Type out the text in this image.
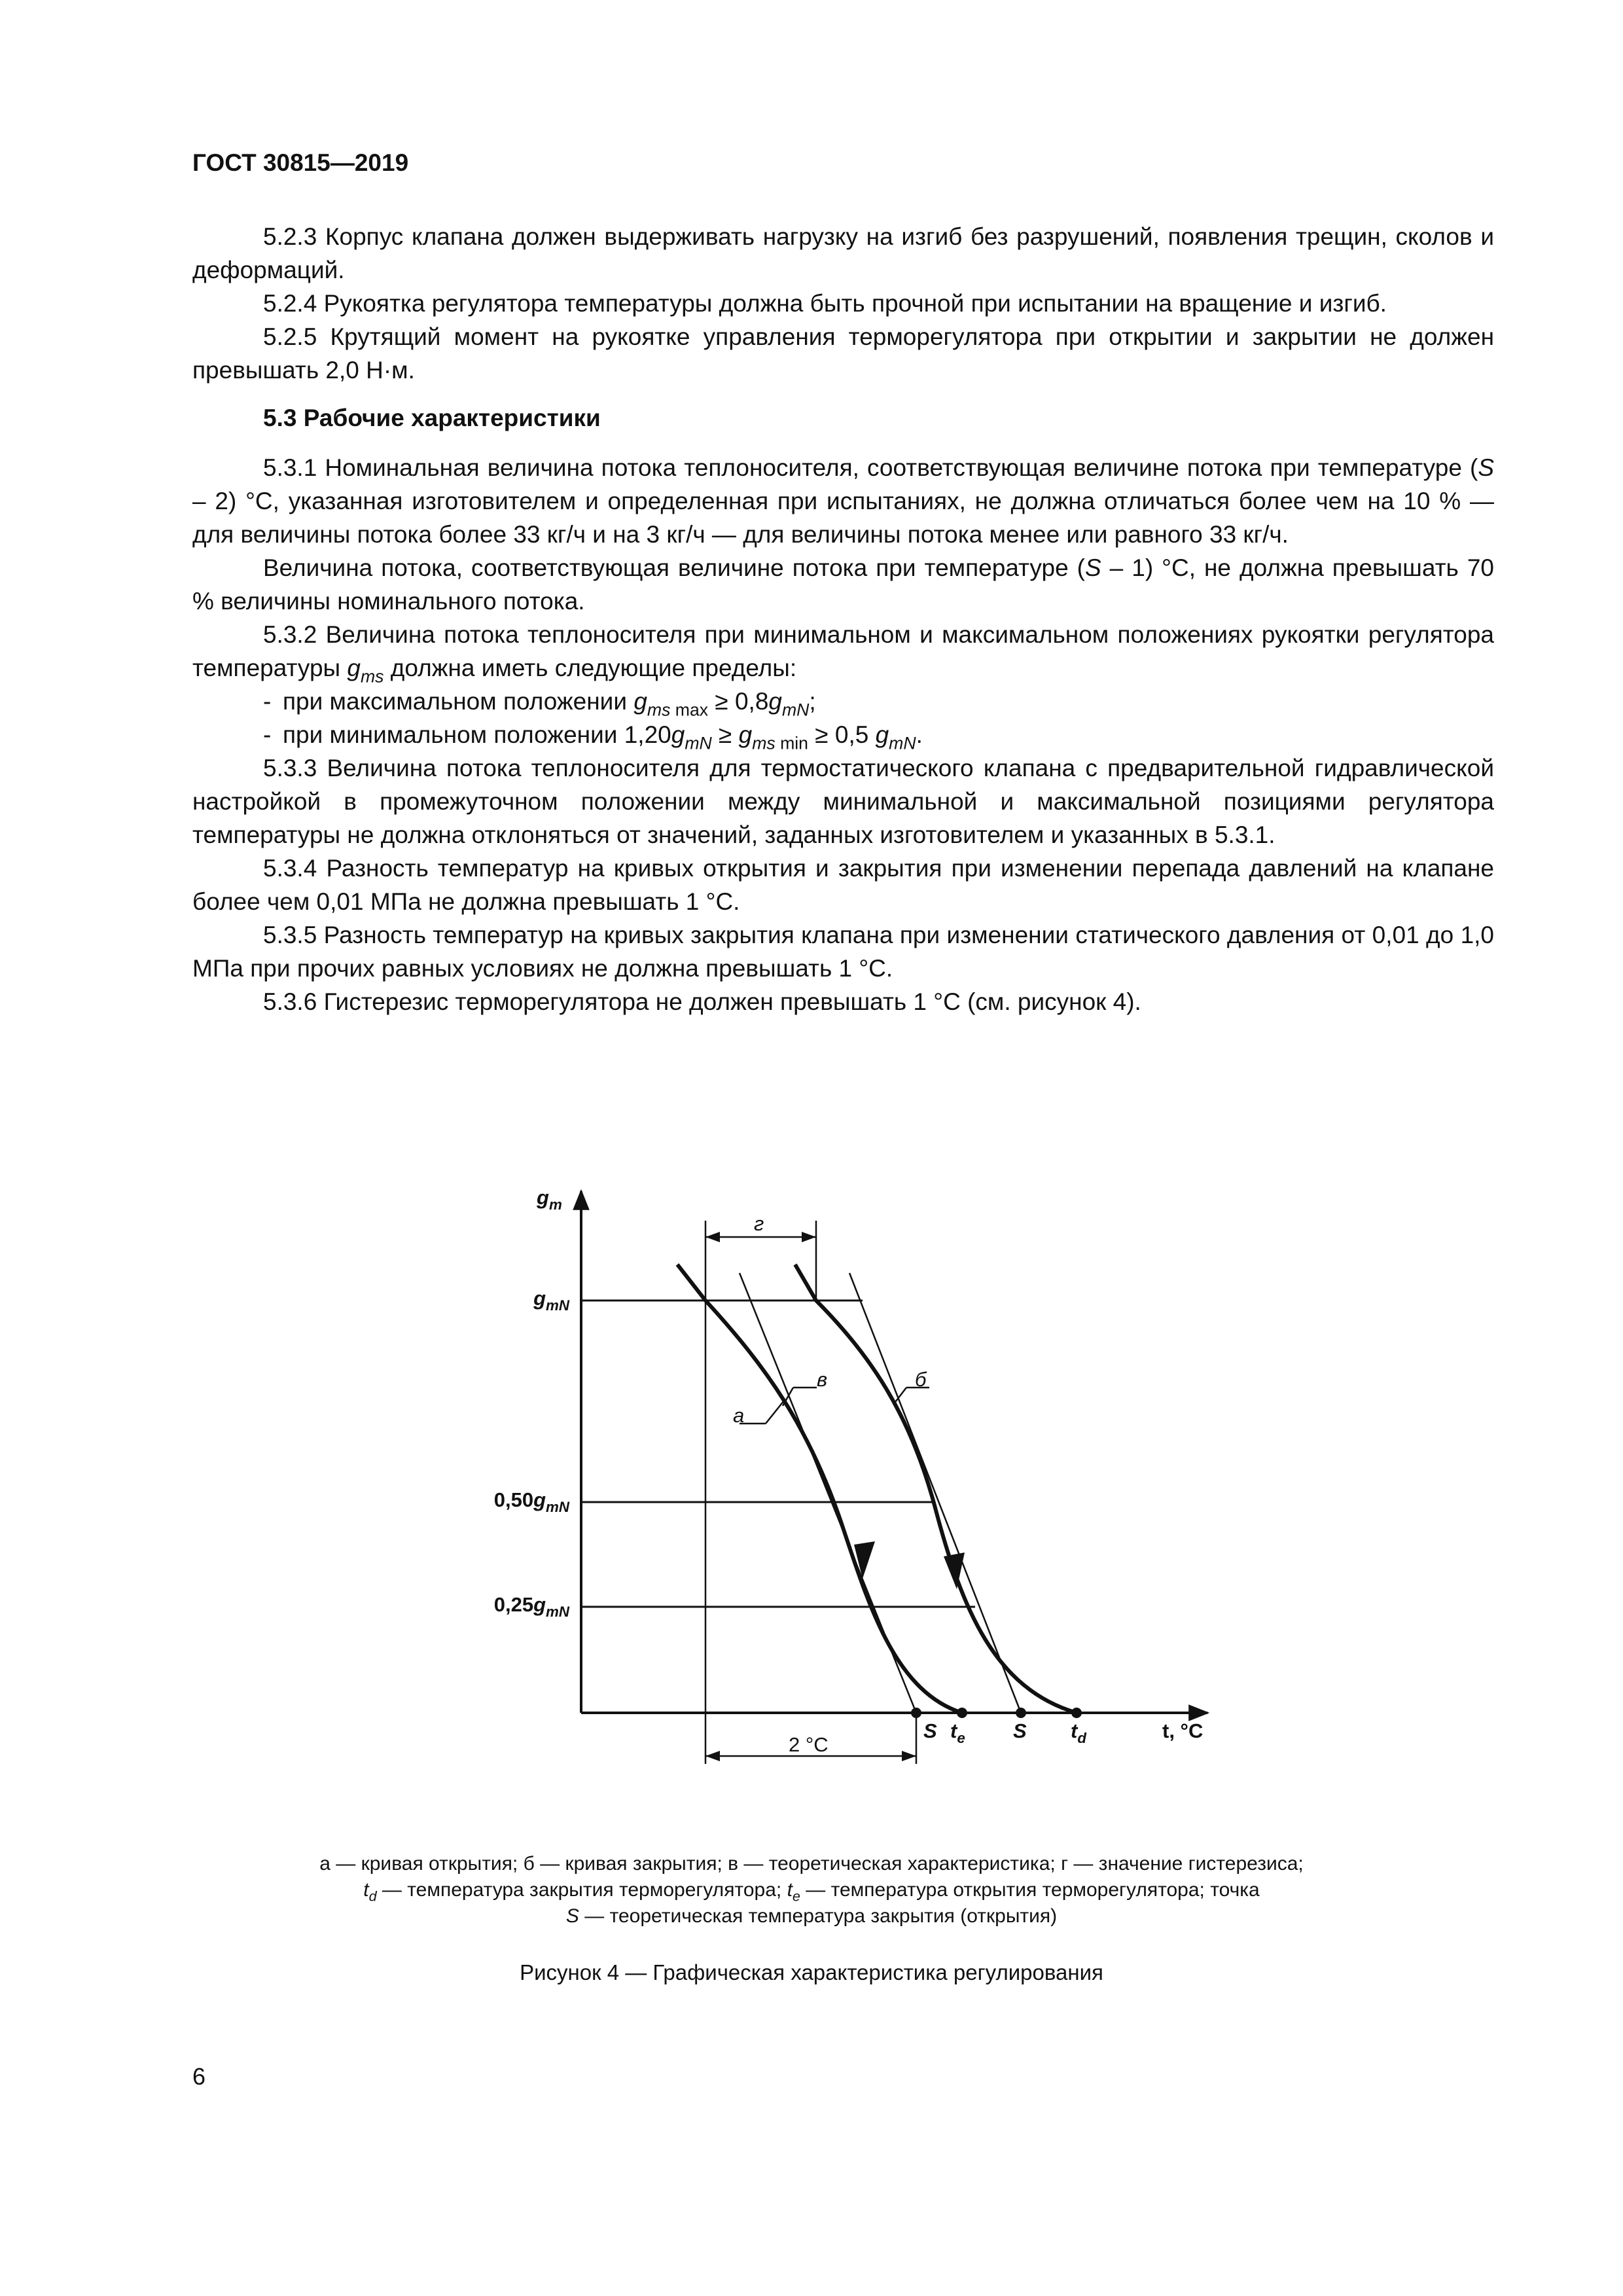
ГОСТ 30815—2019

5.2.3 Корпус клапана должен выдерживать нагрузку на изгиб без разрушений, появления трещин, сколов и деформаций.

5.2.4 Рукоятка регулятора температуры должна быть прочной при испытании на вращение и изгиб.

5.2.5 Крутящий момент на рукоятке управления терморегулятора при открытии и закрытии не должен превышать 2,0 Н·м.

5.3 Рабочие характеристики

5.3.1 Номинальная величина потока теплоносителя, соответствующая величине потока при температуре (S – 2) °С, указанная изготовителем и определенная при испытаниях, не должна отличаться более чем на 10 % — для величины потока более 33 кг/ч и на 3 кг/ч — для величины потока менее или равного 33 кг/ч.

Величина потока, соответствующая величине потока при температуре (S – 1) °С, не должна превышать 70 % величины номинального потока.

5.3.2 Величина потока теплоносителя при минимальном и максимальном положениях рукоятки регулятора температуры $g_{ms}$ должна иметь следующие пределы:

- при максимальном положении $g_{ms max} \ge 0,8g_{mN}$;

- при минимальном положении $1,20g_{mN} \ge g_{ms min} \ge 0,5$ $g_{mN}$.

5.3.3 Величина потока теплоносителя для термостатического клапана с предварительной гидравлической настройкой в промежуточном положении между минимальной и максимальной позициями регулятора температуры не должна отклоняться от значений, заданных изготовителем и указанных в 5.3.1.

5.3.4 Разность температур на кривых открытия и закрытия при изменении перепада давлений на клапане более чем 0,01 МПа не должна превышать 1 °С.

5.3.5 Разность температур на кривых закрытия клапана при изменении статического давления от 0,01 до 1,0 МПа при прочих равных условиях не должна превышать 1 °С.

5.3.6 Гистерезис терморегулятора не должен превышать 1 °С (см. рисунок 4).

$g_m$
$g_{mN}$
$0,50g_{mN}$
$0,25g_{mN}$
г
а
в	б
2 °С
S $t_e$ S $t_d$	t, °С
а — кривая открытия; б — кривая закрытия; в — теоретическая характеристика; г — значение гистерезиса;
$t_d$ — температура закрытия терморегулятора; $t_e$ — температура открытия терморегулятора; точка
S — теоретическая температура закрытия (открытия)
Рисунок 4 — Графическая характеристика регулирования
6
